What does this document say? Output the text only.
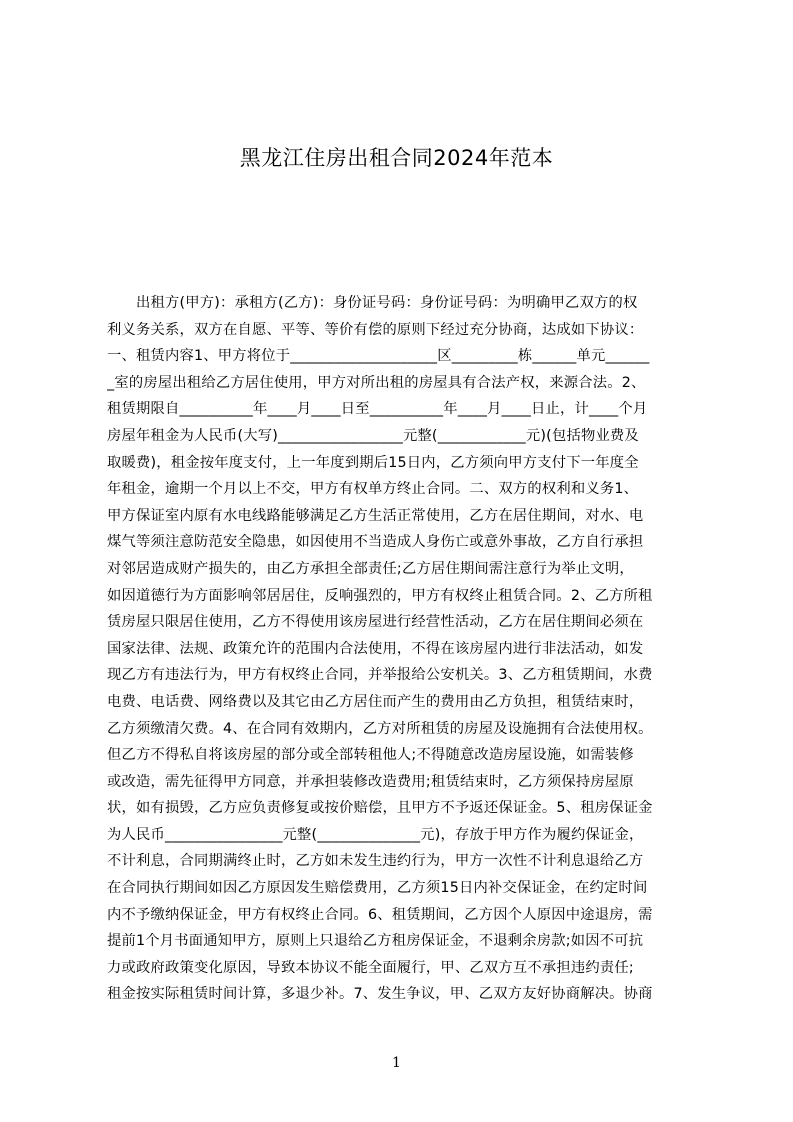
黑龙江住房出租合同2024年范本
　　出租方(甲方)：承租方(乙方)：身份证号码：身份证号码：为明确甲乙双方的权
利义务关系，双方在自愿、平等、等价有偿的原则下经过充分协商，达成如下协议：
一、租赁内容1、甲方将位于____________________区_________栋______单元______
_室的房屋出租给乙方居住使用，甲方对所出租的房屋具有合法产权，来源合法。2、
租赁期限自__________年____月____日至__________年____月____日止，计____个月
房屋年租金为人民币(大写)_________________元整(____________元)(包括物业费及
取暖费)，租金按年度支付，上一年度到期后15日内，乙方须向甲方支付下一年度全
年租金，逾期一个月以上不交，甲方有权单方终止合同。二、双方的权利和义务1、
甲方保证室内原有水电线路能够满足乙方生活正常使用，乙方在居住期间，对水、电
煤气等须注意防范安全隐患，如因使用不当造成人身伤亡或意外事故，乙方自行承担
对邻居造成财产损失的，由乙方承担全部责任;乙方居住期间需注意行为举止文明，
如因道德行为方面影响邻居居住，反响强烈的，甲方有权终止租赁合同。2、乙方所租
赁房屋只限居住使用，乙方不得使用该房屋进行经营性活动，乙方在居住期间必须在
国家法律、法规、政策允许的范围内合法使用，不得在该房屋内进行非法活动，如发
现乙方有违法行为，甲方有权终止合同，并举报给公安机关。3、乙方租赁期间，水费
电费、电话费、网络费以及其它由乙方居住而产生的费用由乙方负担，租赁结束时，
乙方须缴清欠费。4、在合同有效期内，乙方对所租赁的房屋及设施拥有合法使用权。
但乙方不得私自将该房屋的部分或全部转租他人;不得随意改造房屋设施，如需装修
或改造，需先征得甲方同意，并承担装修改造费用;租赁结束时，乙方须保持房屋原
状，如有损毁，乙方应负责修复或按价赔偿，且甲方不予返还保证金。5、租房保证金
为人民币________________元整(______________元)，存放于甲方作为履约保证金，
不计利息，合同期满终止时，乙方如未发生违约行为，甲方一次性不计利息退给乙方
在合同执行期间如因乙方原因发生赔偿费用，乙方须15日内补交保证金，在约定时间
内不予缴纳保证金，甲方有权终止合同。6、租赁期间，乙方因个人原因中途退房，需
提前1个月书面通知甲方，原则上只退给乙方租房保证金，不退剩余房款;如因不可抗
力或政府政策变化原因，导致本协议不能全面履行，甲、乙双方互不承担违约责任;
租金按实际租赁时间计算，多退少补。7、发生争议，甲、乙双方友好协商解决。协商
1
